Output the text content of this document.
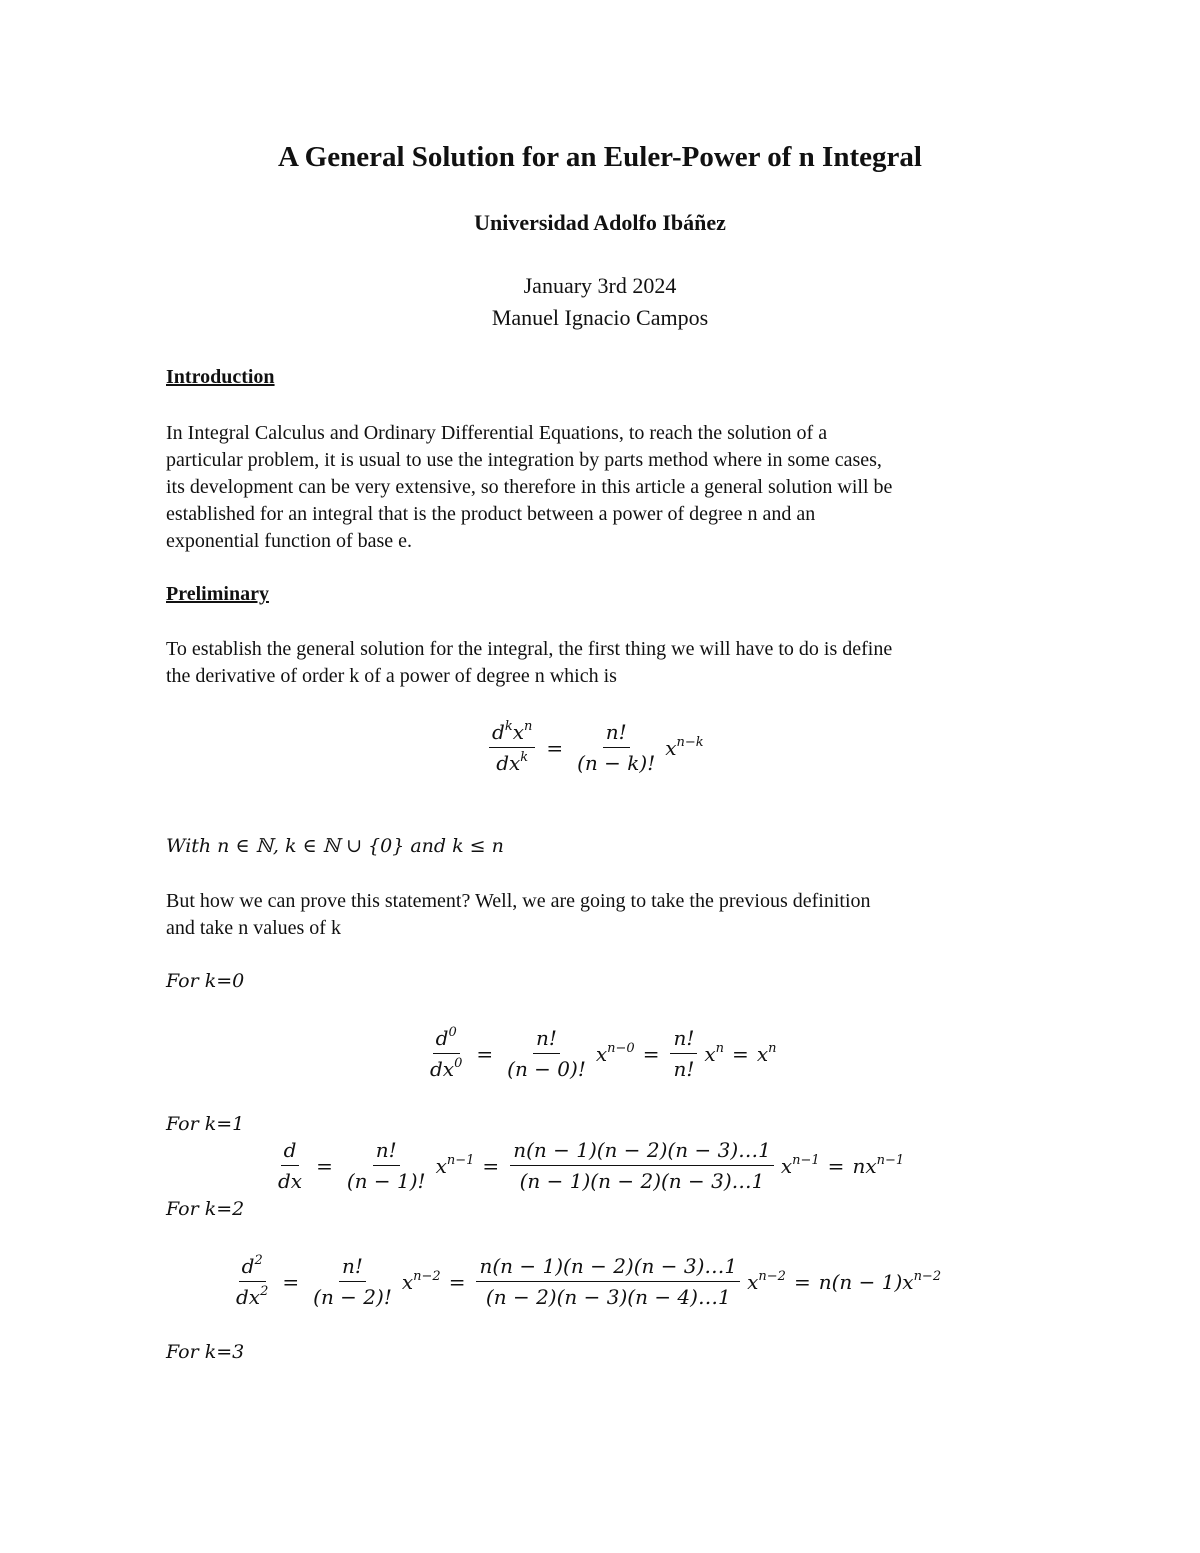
A General Solution for an Euler-Power of n Integral
Universidad Adolfo Ibáñez
January 3rd 2024
Manuel Ignacio Campos
Introduction

In Integral Calculus and Ordinary Differential Equations, to reach the solution of a
particular problem, it is usual to use the integration by parts method where in some cases,
its development can be very extensive, so therefore in this article a general solution will be
established for an integral that is the product between a power of degree n and an
exponential function of base e.

Preliminary

To establish the general solution for the integral, the first thing we will have to do is define
the derivative of order k of a power of degree n which is

$\frac{d^kx^n}{dx^k} = \frac{n!}{(n - k)!} x^{n-k}$
With n ∈ ℕ, k ∈ ℕ ∪ {0} and k ≤ n

But how we can prove this statement? Well, we are going to take the previous definition
and take n values of k

For k=0
$\frac{d^0}{dx^0} = \frac{n!}{(n - 0)!} x^{n-0} = \frac{n!}{n!} x^n = x^n$
For k=1
$\frac{d}{dx} = \frac{n!}{(n - 1)!} x^{n-1} = \frac{n(n - 1)(n - 2)(n - 3)\dots 1}{(n - 1)(n - 2)(n - 3)\dots 1} x^{n-1} = nx^{n-1}$
For k=2
$\frac{d^2}{dx^2} = \frac{n!}{(n - 2)!} x^{n-2} = \frac{n(n - 1)(n - 2)(n - 3)\dots 1}{(n - 2)(n - 3)(n - 4)\dots 1} x^{n-2} = n(n - 1)x^{n-2}$
For k=3
